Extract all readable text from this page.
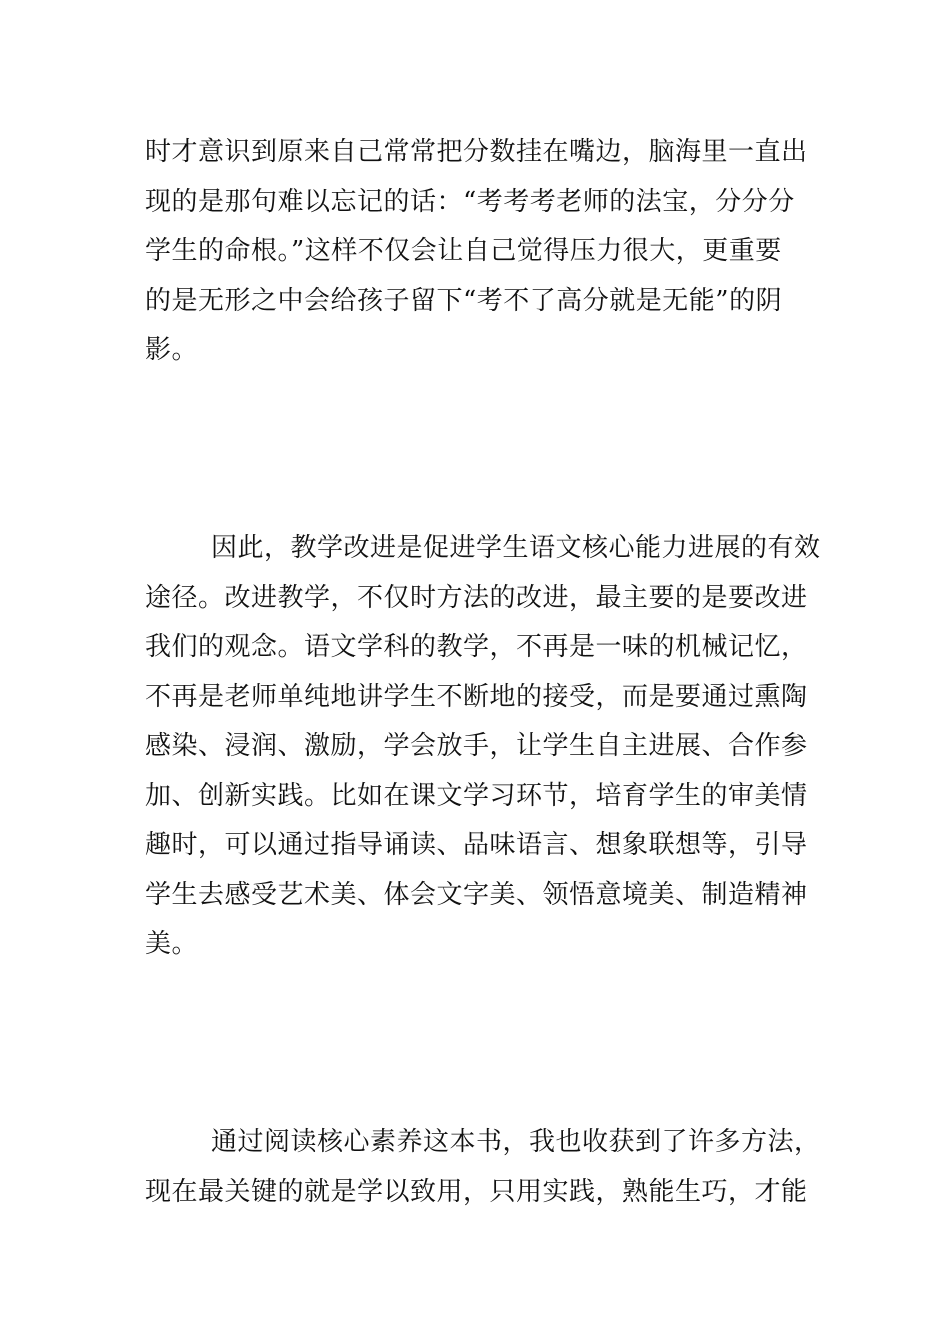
时才意识到原来自己常常把分数挂在嘴边，脑海里一直出
现的是那句难以忘记的话：“考考考老师的法宝，分分分
学生的命根。”这样不仅会让自己觉得压力很大，更重要
的是无形之中会给孩子留下“考不了高分就是无能”的阴
影。

因此，教学改进是促进学生语文核心能力进展的有效
途径。改进教学，不仅时方法的改进，最主要的是要改进
我们的观念。语文学科的教学，不再是一味的机械记忆，
不再是老师单纯地讲学生不断地的接受，而是要通过熏陶
感染、浸润、激励，学会放手，让学生自主进展、合作参
加、创新实践。比如在课文学习环节，培育学生的审美情
趣时，可以通过指导诵读、品味语言、想象联想等，引导
学生去感受艺术美、体会文字美、领悟意境美、制造精神
美。

通过阅读核心素养这本书，我也收获到了许多方法，
现在最关键的就是学以致用，只用实践，熟能生巧，才能
